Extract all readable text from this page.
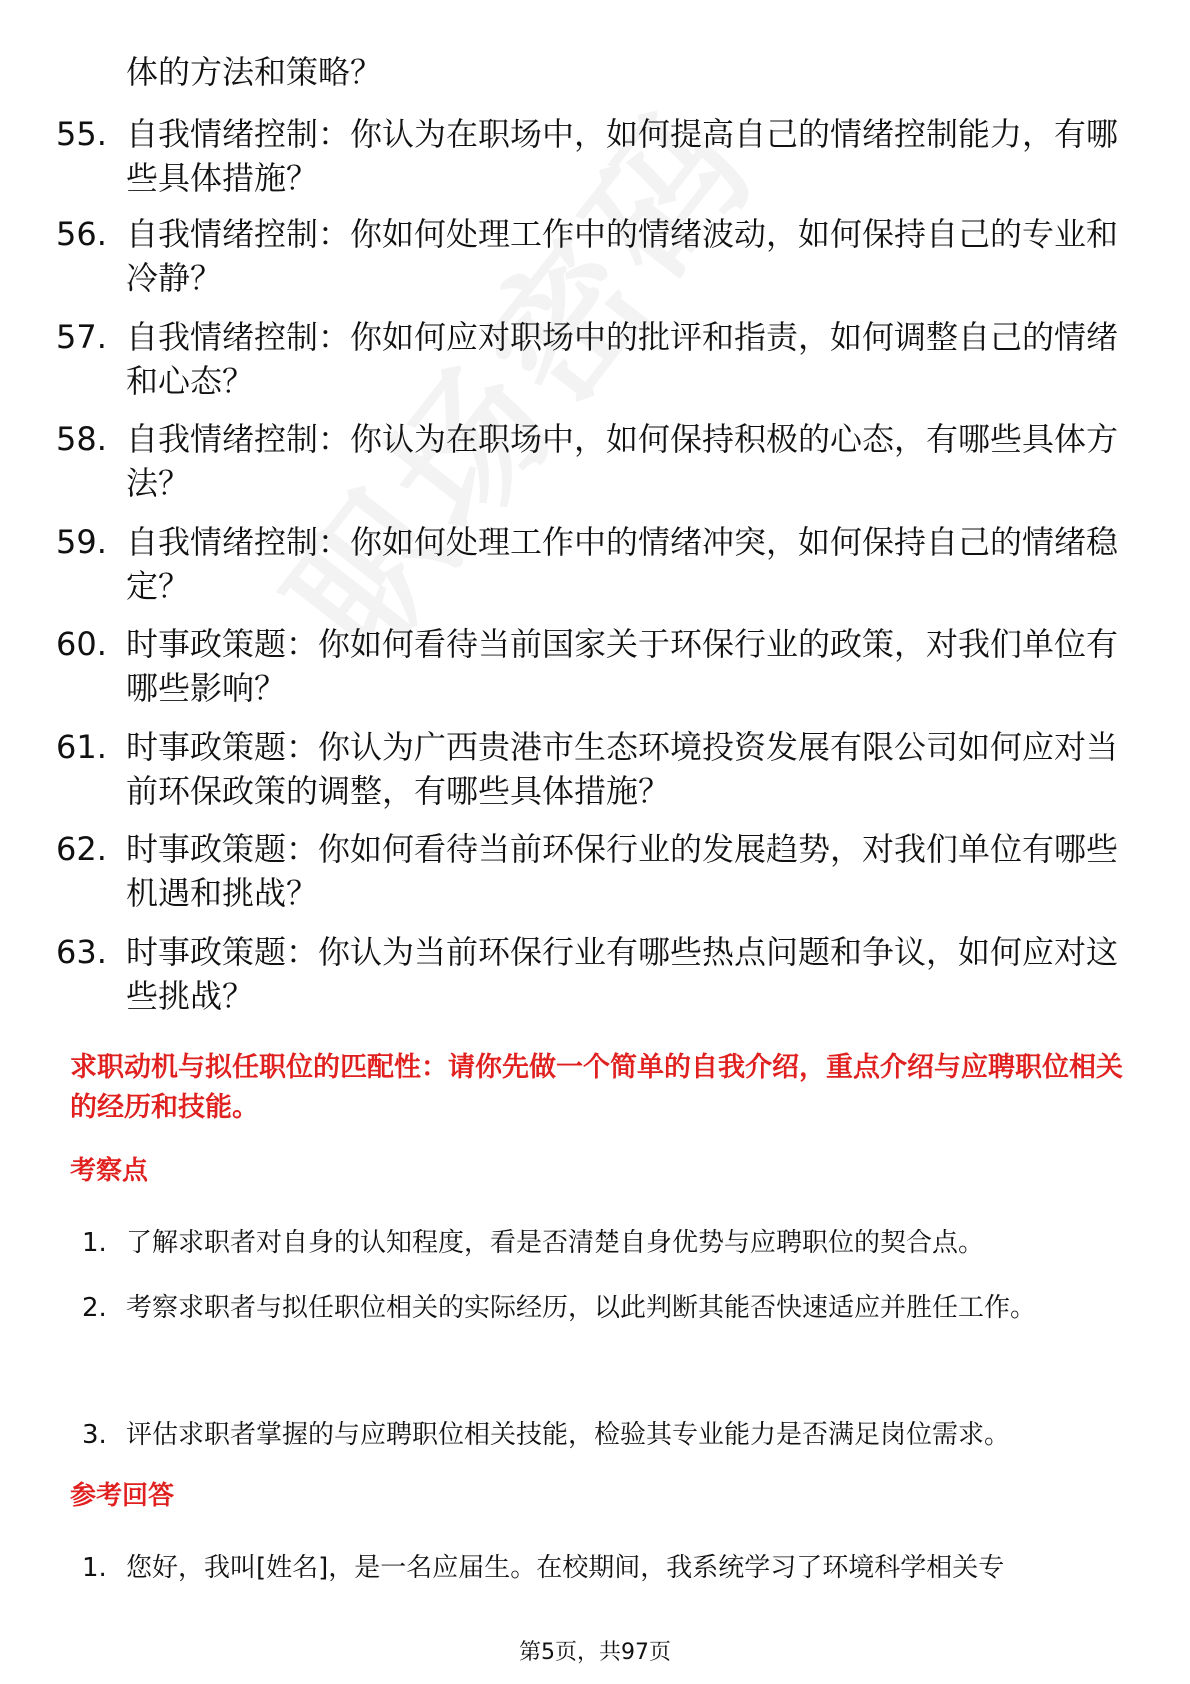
体的方法和策略？
55. 自我情绪控制：你认为在职场中，如何提高自己的情绪控制能力，有哪些具体措施？
56. 自我情绪控制：你如何处理工作中的情绪波动，如何保持自己的专业和冷静？
57. 自我情绪控制：你如何应对职场中的批评和指责，如何调整自己的情绪和心态？
58. 自我情绪控制：你认为在职场中，如何保持积极的心态，有哪些具体方法？
59. 自我情绪控制：你如何处理工作中的情绪冲突，如何保持自己的情绪稳定？
60. 时事政策题：你如何看待当前国家关于环保行业的政策，对我们单位有哪些影响？
61. 时事政策题：你认为广西贵港市生态环境投资发展有限公司如何应对当前环保政策的调整，有哪些具体措施？
62. 时事政策题：你如何看待当前环保行业的发展趋势，对我们单位有哪些机遇和挑战？
63. 时事政策题：你认为当前环保行业有哪些热点问题和争议，如何应对这些挑战？
求职动机与拟任职位的匹配性：请你先做一个简单的自我介绍，重点介绍与应聘职位相关的经历和技能。
考察点
1. 了解求职者对自身的认知程度，看是否清楚自身优势与应聘职位的契合点。
2. 考察求职者与拟任职位相关的实际经历，以此判断其能否快速适应并胜任工作。
3. 评估求职者掌握的与应聘职位相关技能，检验其专业能力是否满足岗位需求。
参考回答
1. 您好，我叫[姓名]，是一名应届生。在校期间，我系统学习了环境科学相关专
第5页，共97页
